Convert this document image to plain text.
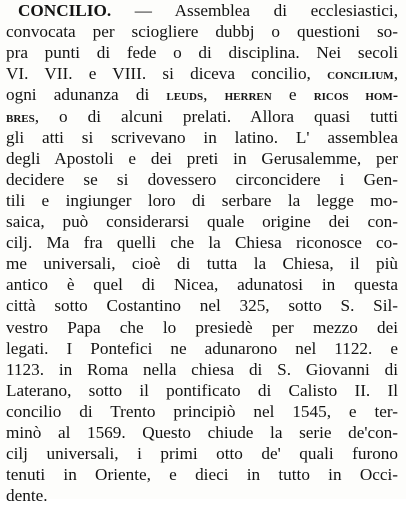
CONCILIO. — Assemblea di ecclesiastici,
convocata per sciogliere dubbj o questioni so-
pra punti di fede o di disciplina. Nei secoli
VI. VII. e VIII. si diceva concilio, concilium,
ogni adunanza di leuds, herren e ricos hom-
bres, o di alcuni prelati. Allora quasi tutti
gli atti si scrivevano in latino. L' assemblea
degli Apostoli e dei preti in Gerusalemme, per
decidere se si dovessero circoncidere i Gen-
tili e ingiunger loro di serbare la legge mo-
saica, può considerarsi quale origine dei con-
cilj. Ma fra quelli che la Chiesa riconosce co-
me universali, cioè di tutta la Chiesa, il più
antico è quel di Nicea, adunatosi in questa
città sotto Costantino nel 325, sotto S. Sil-
vestro Papa che lo presiedè per mezzo dei
legati. I Pontefici ne adunarono nel 1122. e
1123. in Roma nella chiesa di S. Giovanni di
Laterano, sotto il pontificato di Calisto II. Il
concilio di Trento principiò nel 1545, e ter-
minò al 1569. Questo chiude la serie de'con-
cilj universali, i primi otto de' quali furono
tenuti in Oriente, e dieci in tutto in Occi-
dente.
